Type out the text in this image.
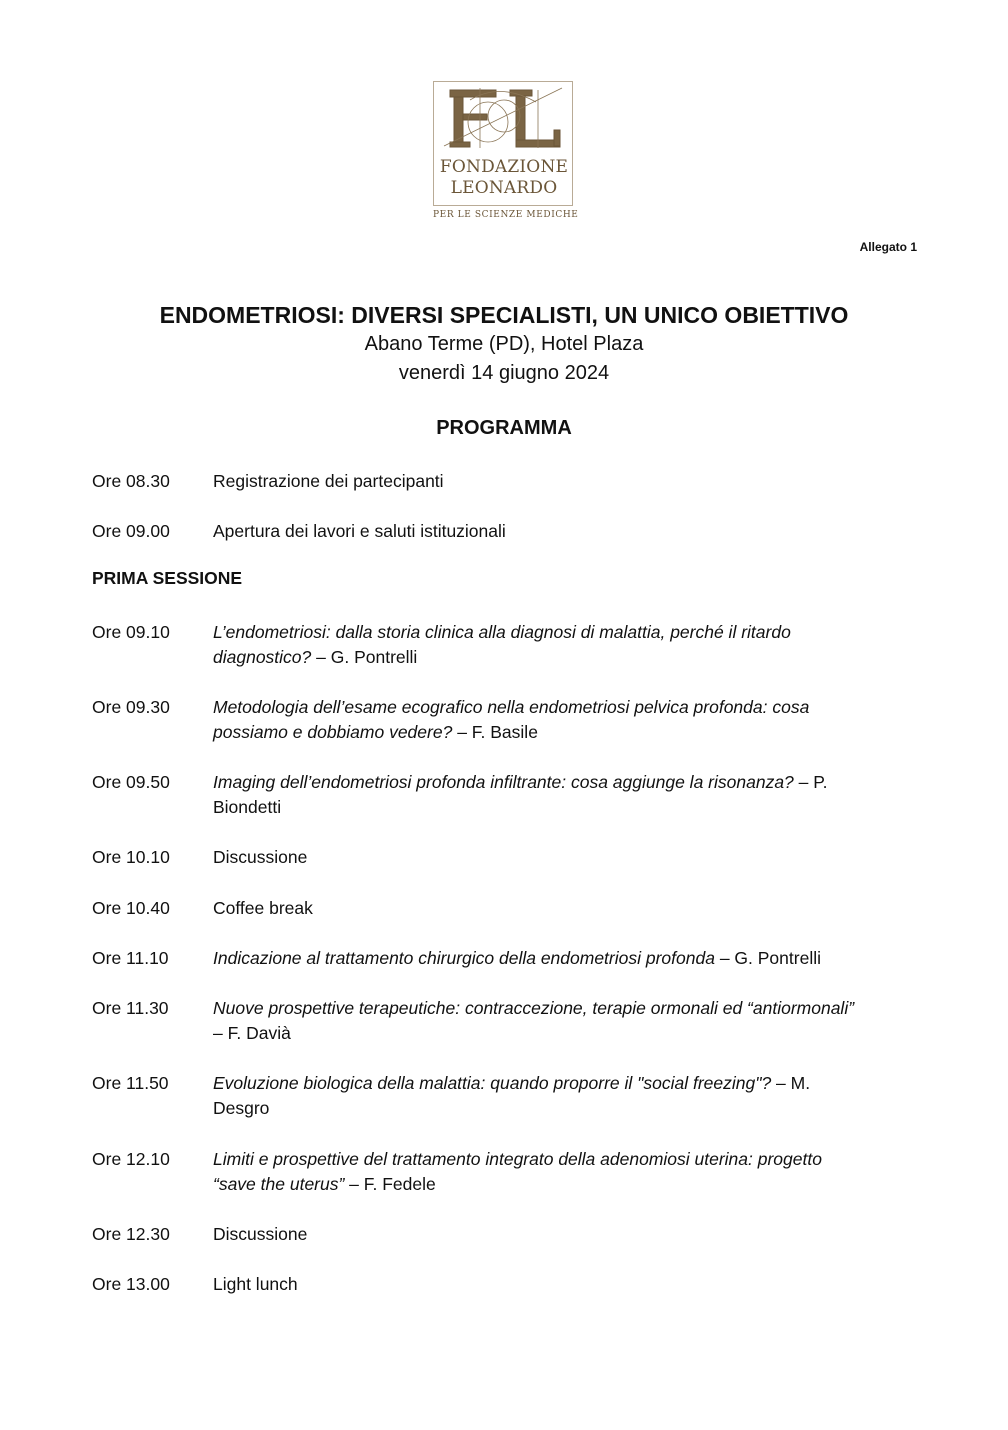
FONDAZIONE
LEONARDO
PER LE SCIENZE MEDICHE
Allegato 1
ENDOMETRIOSI: DIVERSI SPECIALISTI, UN UNICO OBIETTIVO
Abano Terme (PD), Hotel Plaza
venerdì 14 giugno 2024
PROGRAMMA
Ore 08.30	Registrazione dei partecipanti
Ore 09.00	Apertura dei lavori e saluti istituzionali
PRIMA SESSIONE
Ore 09.10	L’endometriosi: dalla storia clinica alla diagnosi di malattia, perché il ritardo
diagnostico? – G. Pontrelli
Ore 09.30	Metodologia dell’esame ecografico nella endometriosi pelvica profonda: cosa
possiamo e dobbiamo vedere? – F. Basile
Ore 09.50	Imaging dell’endometriosi profonda infiltrante: cosa aggiunge la risonanza? – P.
Biondetti
Ore 10.10	Discussione
Ore 10.40	Coffee break
Ore 11.10	Indicazione al trattamento chirurgico della endometriosi profonda – G. Pontrelli
Ore 11.30	Nuove prospettive terapeutiche: contraccezione, terapie ormonali ed “antiormonali”
– F. Davià
Ore 11.50	Evoluzione biologica della malattia: quando proporre il "social freezing"? – M.
Desgro
Ore 12.10	Limiti e prospettive del trattamento integrato della adenomiosi uterina: progetto
“save the uterus” – F. Fedele
Ore 12.30	Discussione
Ore 13.00	Light lunch
